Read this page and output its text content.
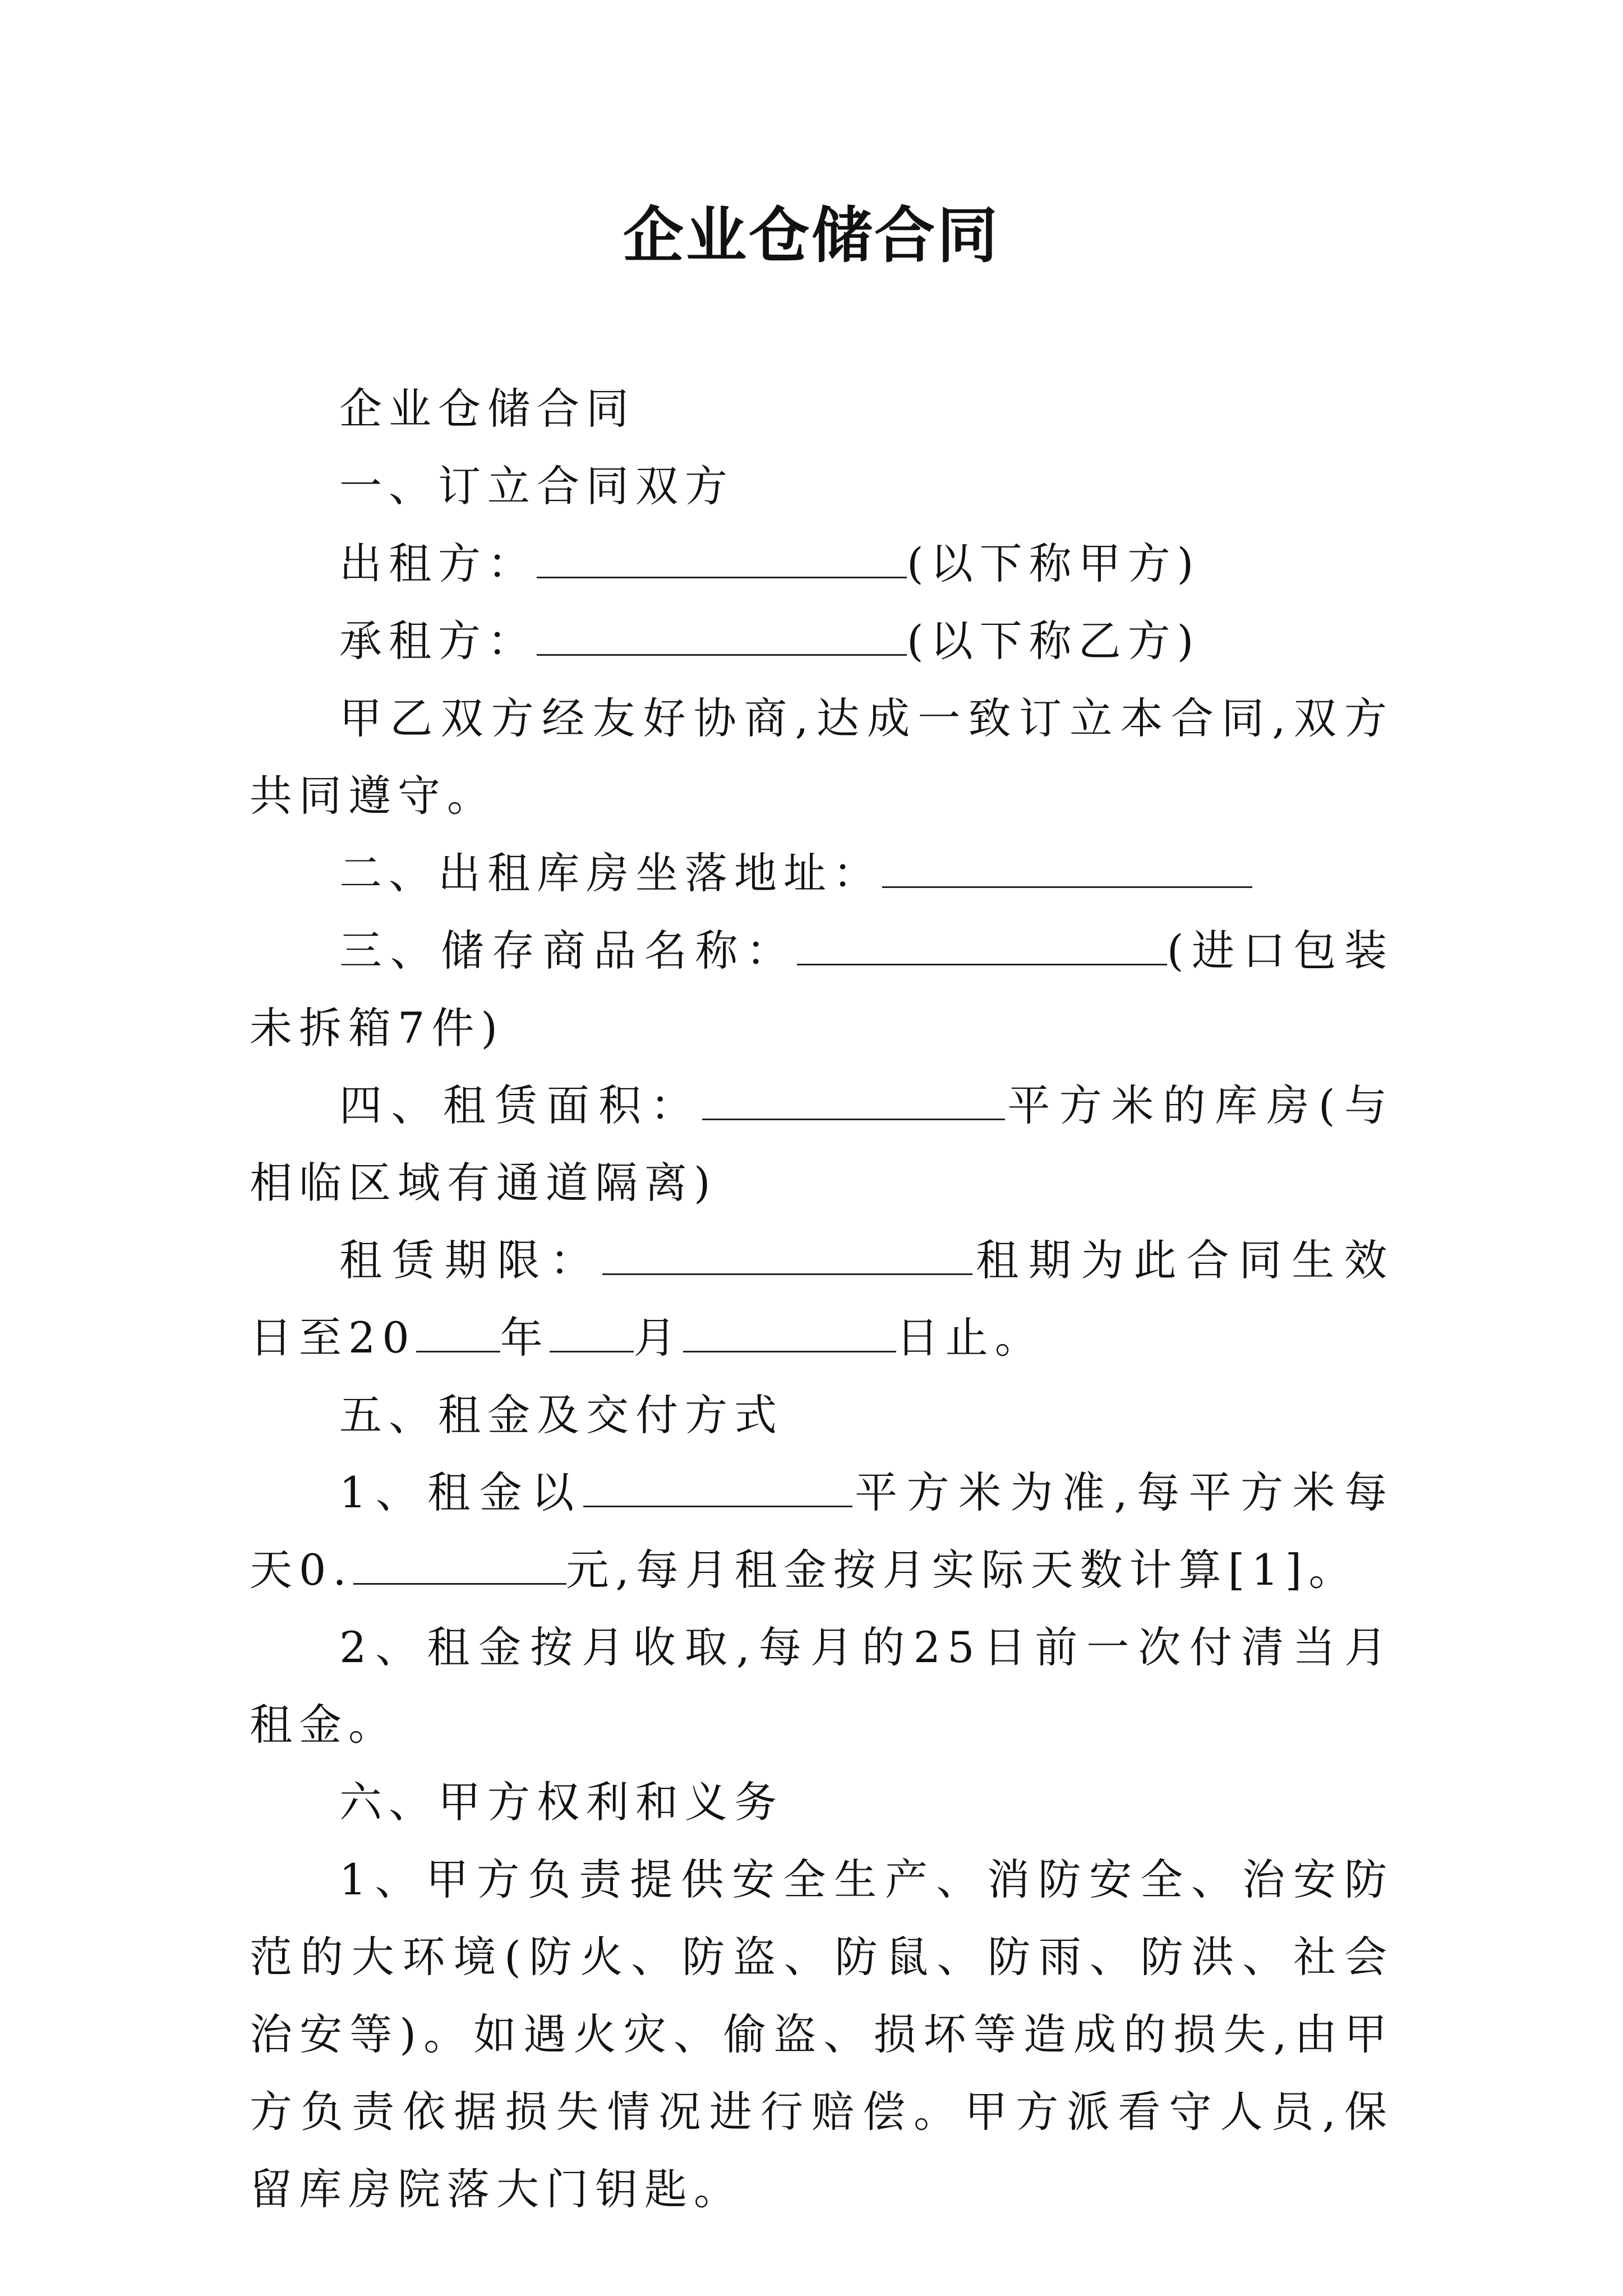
企业仓储合同

企业仓储合同

一、订立合同双方

出租方：	(以下称甲方)

承租方：	(以下称乙方)

甲乙双方经友好协商,达成一致订立本合同,双方共同遵守。

二、出租库房坐落地址：

三、储存商品名称：	(进口包装未拆箱7件)

四、租赁面积：	平方米的库房(与相临区域有通道隔离)

租赁期限：	租期为此合同生效日至20 年 月	日止。

五、租金及交付方式

1、租金以	平方米为准,每平方米每天0.	元,每月租金按月实际天数计算[1]。

2、租金按月收取,每月的25日前一次付清当月租金。

六、甲方权利和义务

1、甲方负责提供安全生产、消防安全、治安防范的大环境(防火、防盗、防鼠、防雨、防洪、社会治安等)。如遇火灾、偷盗、损坏等造成的损失,由甲方负责依据损失情况进行赔偿。甲方派看守人员,保留库房院落大门钥匙。
